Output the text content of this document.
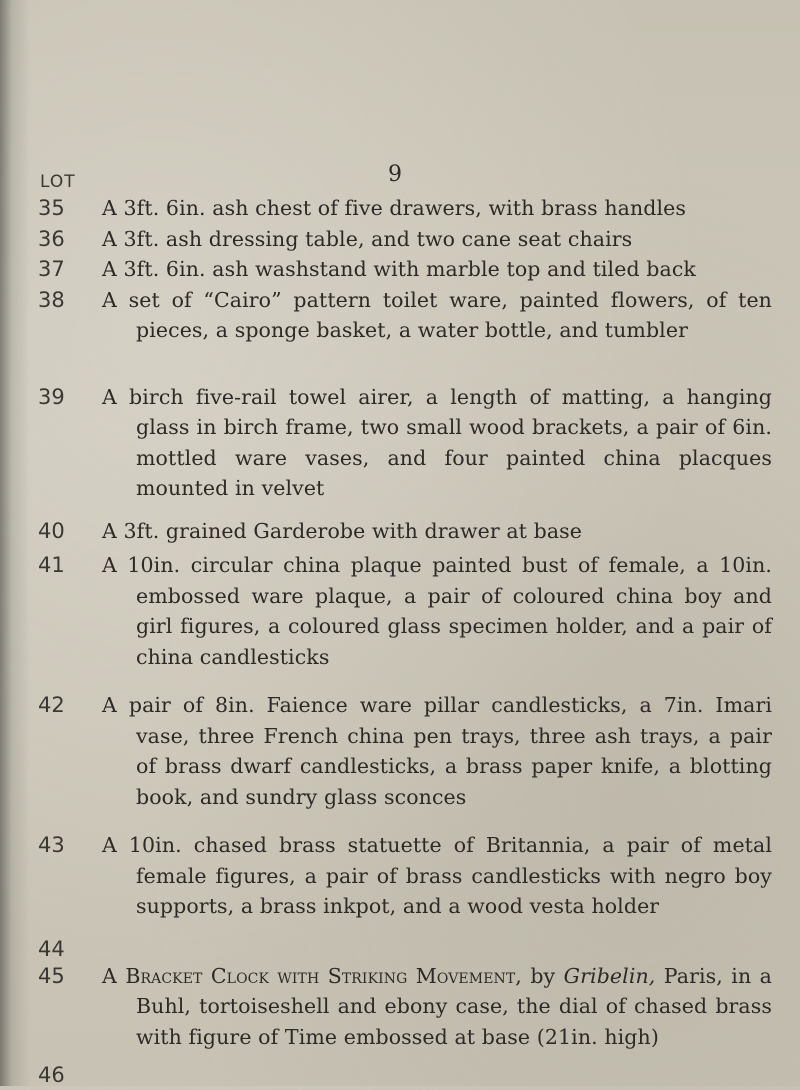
9
LOT
35	A 3ft. 6in. ash chest of five drawers, with brass handles
36	A 3ft. ash dressing table, and two cane seat chairs
37	A 3ft. 6in. ash washstand with marble top and tiled back
38	A set of “Cairo” pattern toilet ware, painted flowers, of ten pieces, a sponge basket, a water bottle, and tumbler
39	A birch five-rail towel airer, a length of matting, a hanging glass in birch frame, two small wood brackets, a pair of 6in. mottled ware vases, and four painted china placques mounted in velvet
40	A 3ft. grained Garderobe with drawer at base
41	A 10in. circular china plaque painted bust of female, a 10in. embossed ware plaque, a pair of coloured china boy and girl figures, a coloured glass specimen holder, and a pair of china candlesticks
42	A pair of 8in. Faience ware pillar candlesticks, a 7in. Imari vase, three French china pen trays, three ash trays, a pair of brass dwarf candlesticks, a brass paper knife, a blotting book, and sundry glass sconces
43	A 10in. chased brass statuette of Britannia, a pair of metal female figures, a pair of brass candlesticks with negro boy supports, a brass inkpot, and a wood vesta holder
44
45	A Bracket Clock with Striking Movement, by Gribelin, Paris, in a Buhl, tortoiseshell and ebony case, the dial of chased brass with figure of Time embossed at base (21in. high)
46
